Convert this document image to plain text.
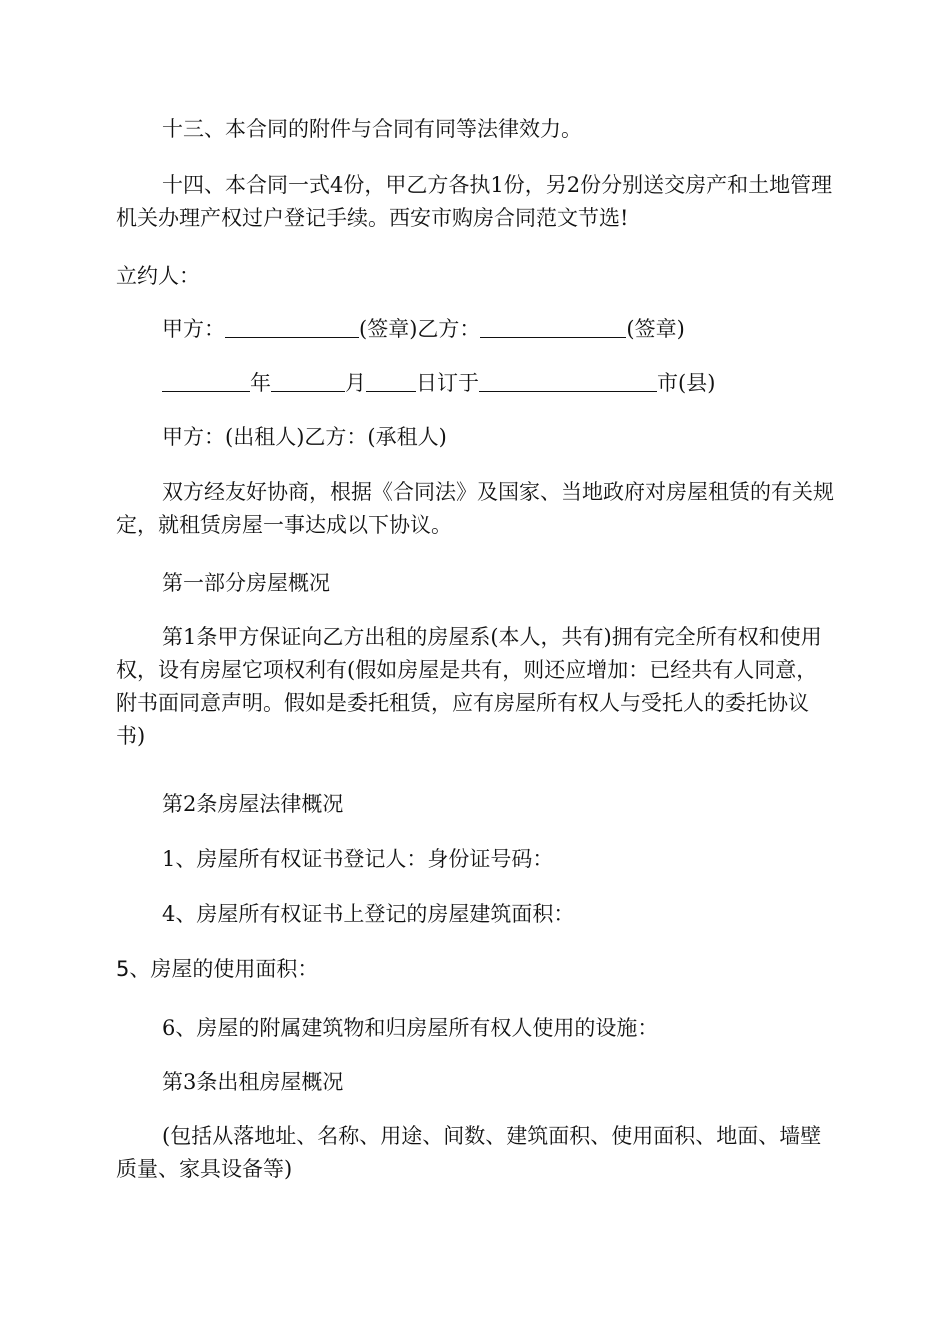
十三、本合同的附件与合同有同等法律效力。

十四、本合同一式4份，甲乙方各执1份，另2份分别送交房产和土地管理机关办理产权过户登记手续。西安市购房合同范文节选!

立约人：

甲方：	(签章)乙方：	(签章)

年	月 日订于	市(县)

甲方：(出租人)乙方：(承租人)

双方经友好协商，根据《合同法》及国家、当地政府对房屋租赁的有关规定，就租赁房屋一事达成以下协议。

第一部分房屋概况

第1条甲方保证向乙方出租的房屋系(本人，共有)拥有完全所有权和使用权，设有房屋它项权利有(假如房屋是共有，则还应增加：已经共有人同意，附书面同意声明。假如是委托租赁，应有房屋所有权人与受托人的委托协议书)

第2条房屋法律概况

1、房屋所有权证书登记人：身份证号码：

4、房屋所有权证书上登记的房屋建筑面积：

5、房屋的使用面积：

6、房屋的附属建筑物和归房屋所有权人使用的设施：

第3条出租房屋概况

(包括从落地址、名称、用途、间数、建筑面积、使用面积、地面、墙壁质量、家具设备等)
